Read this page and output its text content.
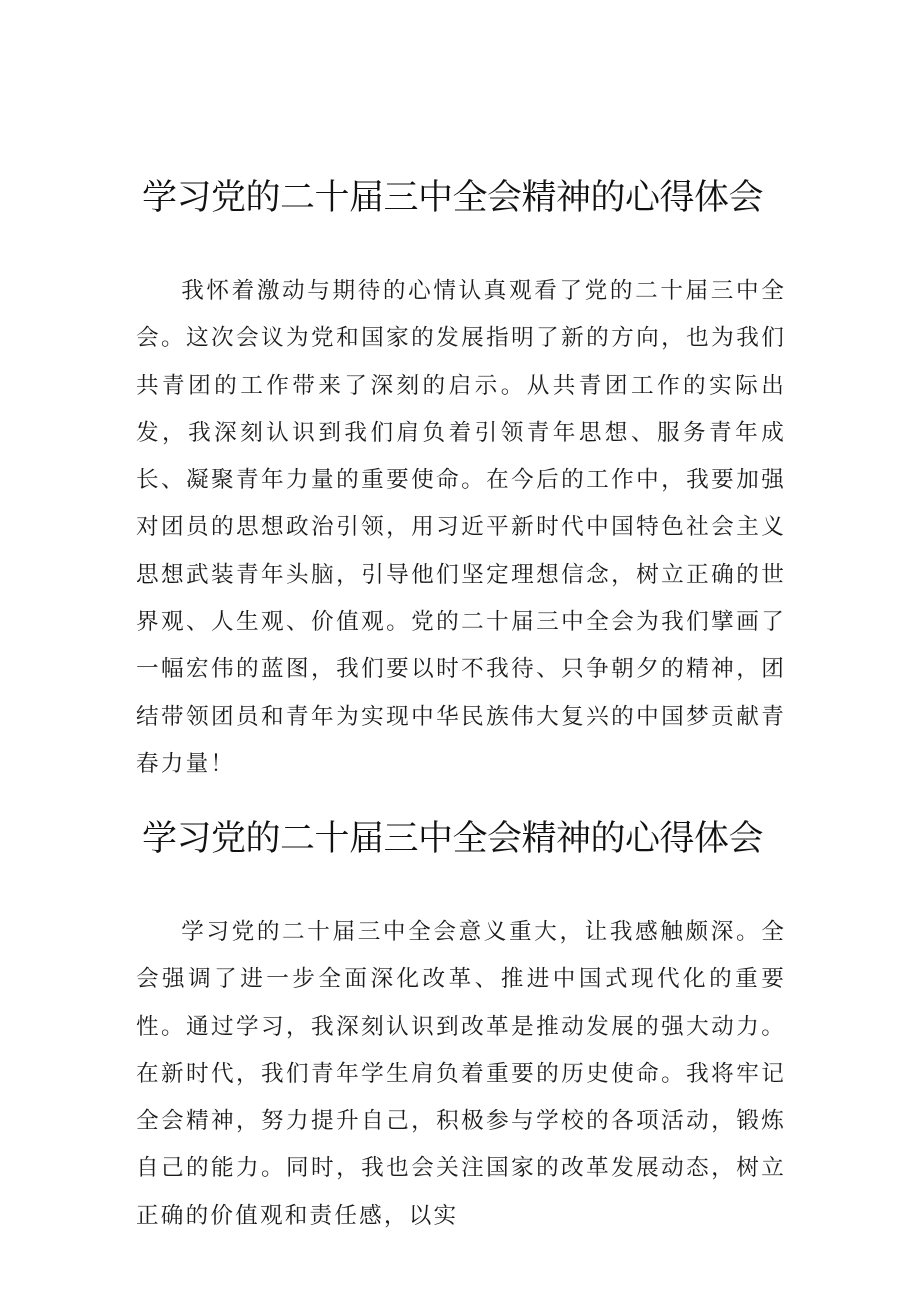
学习党的二十届三中全会精神的心得体会

我怀着激动与期待的心情认真观看了党的二十届三中全会。这次会议为党和国家的发展指明了新的方向，也为我们共青团的工作带来了深刻的启示。从共青团工作的实际出发，我深刻认识到我们肩负着引领青年思想、服务青年成长、凝聚青年力量的重要使命。在今后的工作中，我要加强对团员的思想政治引领，用习近平新时代中国特色社会主义思想武装青年头脑，引导他们坚定理想信念，树立正确的世界观、人生观、价值观。党的二十届三中全会为我们擘画了一幅宏伟的蓝图，我们要以时不我待、只争朝夕的精神，团结带领团员和青年为实现中华民族伟大复兴的中国梦贡献青春力量！

学习党的二十届三中全会精神的心得体会

学习党的二十届三中全会意义重大，让我感触颇深。全会强调了进一步全面深化改革、推进中国式现代化的重要性。通过学习，我深刻认识到改革是推动发展的强大动力。在新时代，我们青年学生肩负着重要的历史使命。我将牢记全会精神，努力提升自己，积极参与学校的各项活动，锻炼自己的能力。同时，我也会关注国家的改革发展动态，树立正确的价值观和责任感，以实
